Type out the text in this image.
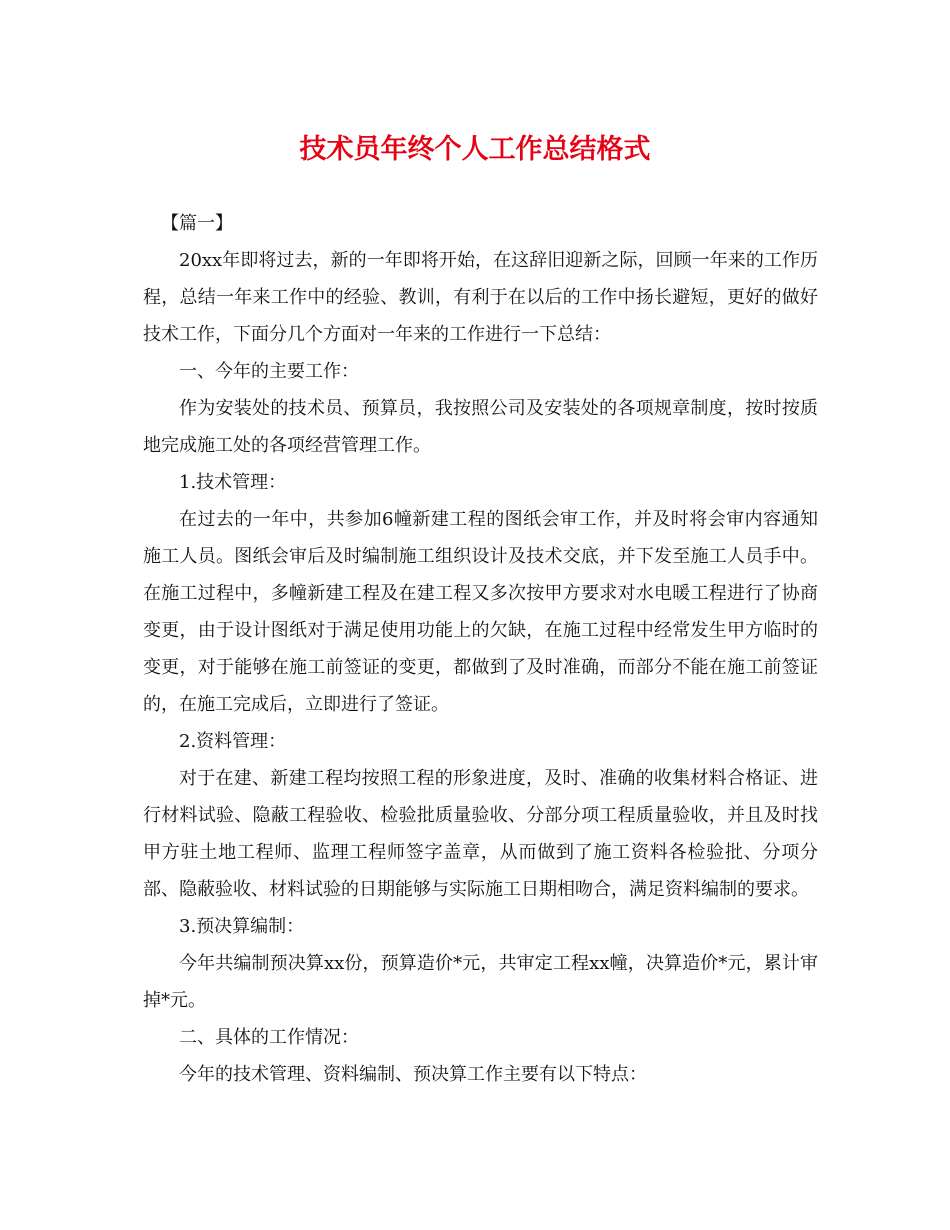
技术员年终个人工作总结格式

【篇一】

20xx年即将过去，新的一年即将开始，在这辞旧迎新之际，回顾一年来的工作历程，总结一年来工作中的经验、教训，有利于在以后的工作中扬长避短，更好的做好技术工作，下面分几个方面对一年来的工作进行一下总结：

一、今年的主要工作：

作为安装处的技术员、预算员，我按照公司及安装处的各项规章制度，按时按质地完成施工处的各项经营管理工作。

1.技术管理：

在过去的一年中，共参加6幢新建工程的图纸会审工作，并及时将会审内容通知施工人员。图纸会审后及时编制施工组织设计及技术交底，并下发至施工人员手中。在施工过程中，多幢新建工程及在建工程又多次按甲方要求对水电暖工程进行了协商变更，由于设计图纸对于满足使用功能上的欠缺，在施工过程中经常发生甲方临时的变更，对于能够在施工前签证的变更，都做到了及时准确，而部分不能在施工前签证的，在施工完成后，立即进行了签证。

2.资料管理：

对于在建、新建工程均按照工程的形象进度，及时、准确的收集材料合格证、进行材料试验、隐蔽工程验收、检验批质量验收、分部分项工程质量验收，并且及时找甲方驻土地工程师、监理工程师签字盖章，从而做到了施工资料各检验批、分项分部、隐蔽验收、材料试验的日期能够与实际施工日期相吻合，满足资料编制的要求。

3.预决算编制：

今年共编制预决算xx份，预算造价*元，共审定工程xx幢，决算造价*元，累计审掉*元。

二、具体的工作情况：

今年的技术管理、资料编制、预决算工作主要有以下特点：
